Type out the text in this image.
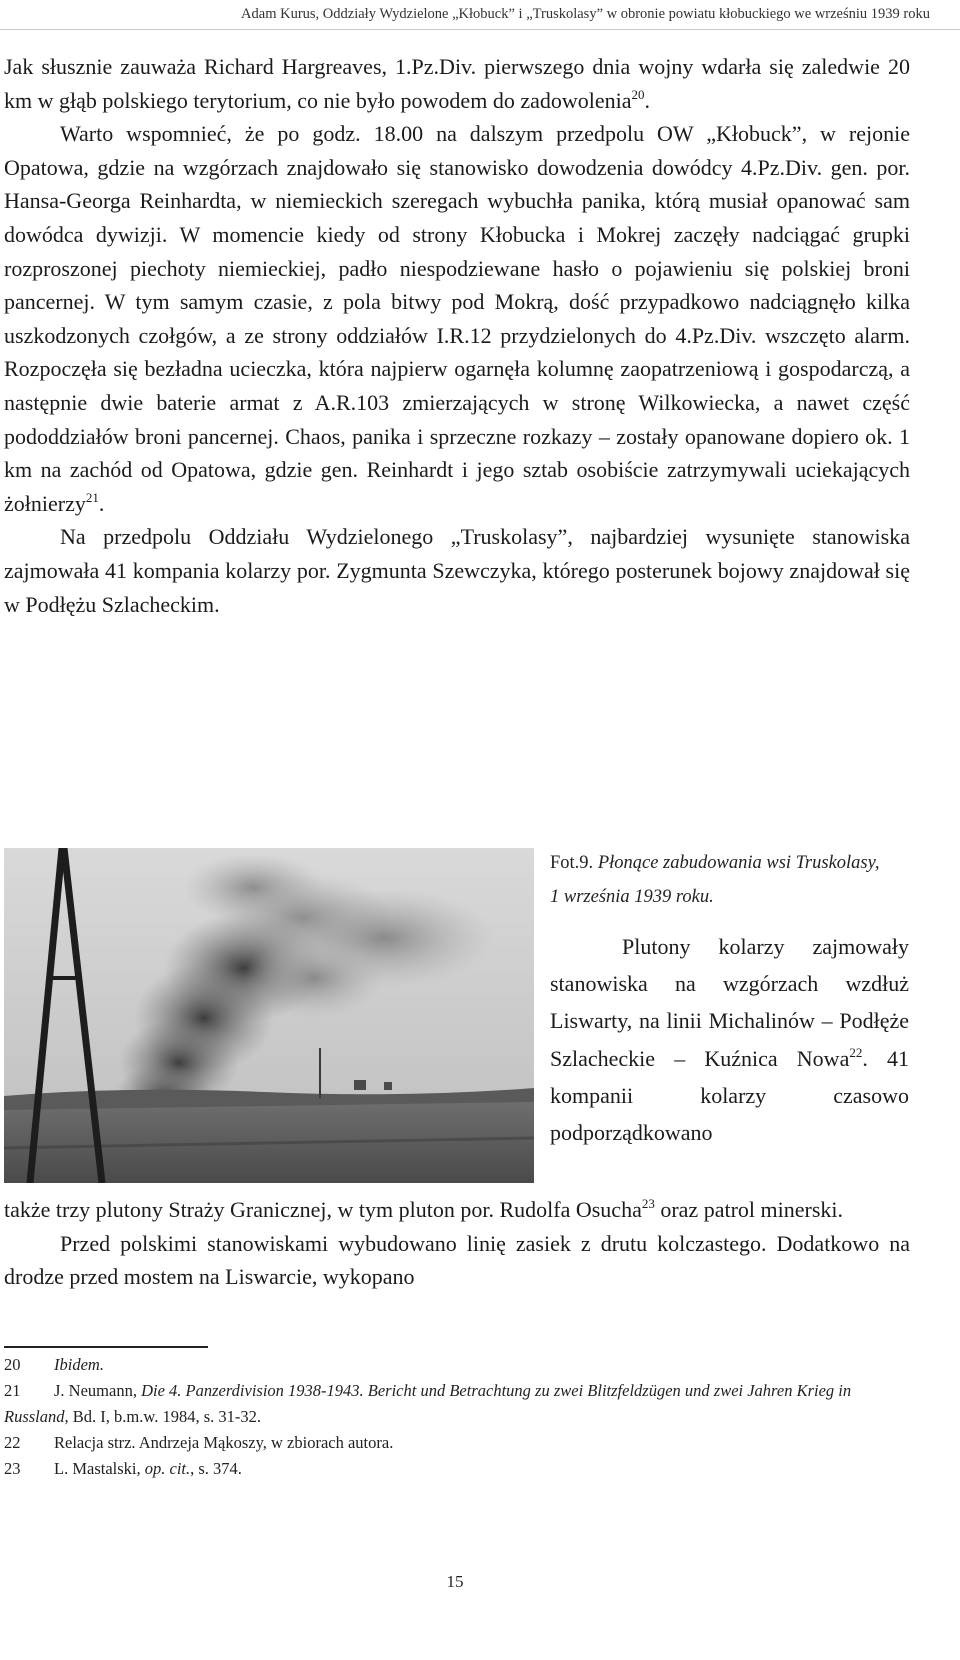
Adam Kurus, Oddziały Wydzielone „Kłobuck” i „Truskolasy” w obronie powiatu kłobuckiego we wrześniu 1939 roku

Jak słusznie zauważa Richard Hargreaves, 1.Pz.Div. pierwszego dnia wojny wdarła się zaledwie 20 km w głąb polskiego terytorium, co nie było powodem do zadowolenia$^{20}$.

Warto wspomnieć, że po godz. 18.00 na dalszym przedpolu OW „Kłobuck”, w rejonie Opatowa, gdzie na wzgórzach znajdowało się stanowisko dowodzenia dowódcy 4.Pz.Div. gen. por. Hansa-Georga Reinhardta, w niemieckich szeregach wybuchła panika, którą musiał opanować sam dowódca dywizji. W momencie kiedy od strony Kłobucka i Mokrej zaczęły nadciągać grupki rozproszonej piechoty niemieckiej, padło niespodziewane hasło o pojawieniu się polskiej broni pancernej. W tym samym czasie, z pola bitwy pod Mokrą, dość przypadkowo nadciągnęło kilka uszkodzonych czołgów, a ze strony oddziałów I.R.12 przydzielonych do 4.Pz.Div. wszczęto alarm. Rozpoczęła się bezładna ucieczka, która najpierw ogarnęła kolumnę zaopatrzeniową i gospodarczą, a następnie dwie baterie armat z A.R.103 zmierzających w stronę Wilkowiecka, a nawet część pododdziałów broni pancernej. Chaos, panika i sprzeczne rozkazy – zostały opanowane dopiero ok. 1 km na zachód od Opatowa, gdzie gen. Reinhardt i jego sztab osobiście zatrzymywali uciekających żołnierzy$^{21}$.

Na przedpolu Oddziału Wydzielonego „Truskolasy”, najbardziej wysunięte stanowiska zajmowała 41 kompania kolarzy por. Zygmunta Szewczyka, którego posterunek bojowy znajdował się w Podłężu Szlacheckim.

Fot.9. Płonące zabudowania wsi Truskolasy, 1 września 1939 roku.

Plutony kolarzy zajmowały stanowiska na wzgórzach wzdłuż Liswarty, na linii Michalinów – Podłęże Szlacheckie – Kuźnica Nowa$^{22}$. 41 kompanii kolarzy czasowo podporządkowano

także trzy plutony Straży Granicznej, w tym pluton por. Rudolfa Osucha$^{23}$ oraz patrol minerski.

Przed polskimi stanowiskami wybudowano linię zasiek z drutu kolczastego. Dodatkowo na drodze przed mostem na Liswarcie, wykopano

20 Ibidem.

21 J. Neumann, Die 4. Panzerdivision 1938-1943. Bericht und Betrachtung zu zwei Blitzfeldzügen und zwei Jahren Krieg in Russland, Bd. I, b.m.w. 1984, s. 31-32.

22 Relacja strz. Andrzeja Mąkoszy, w zbiorach autora.

23 L. Mastalski, op. cit., s. 374.

15
